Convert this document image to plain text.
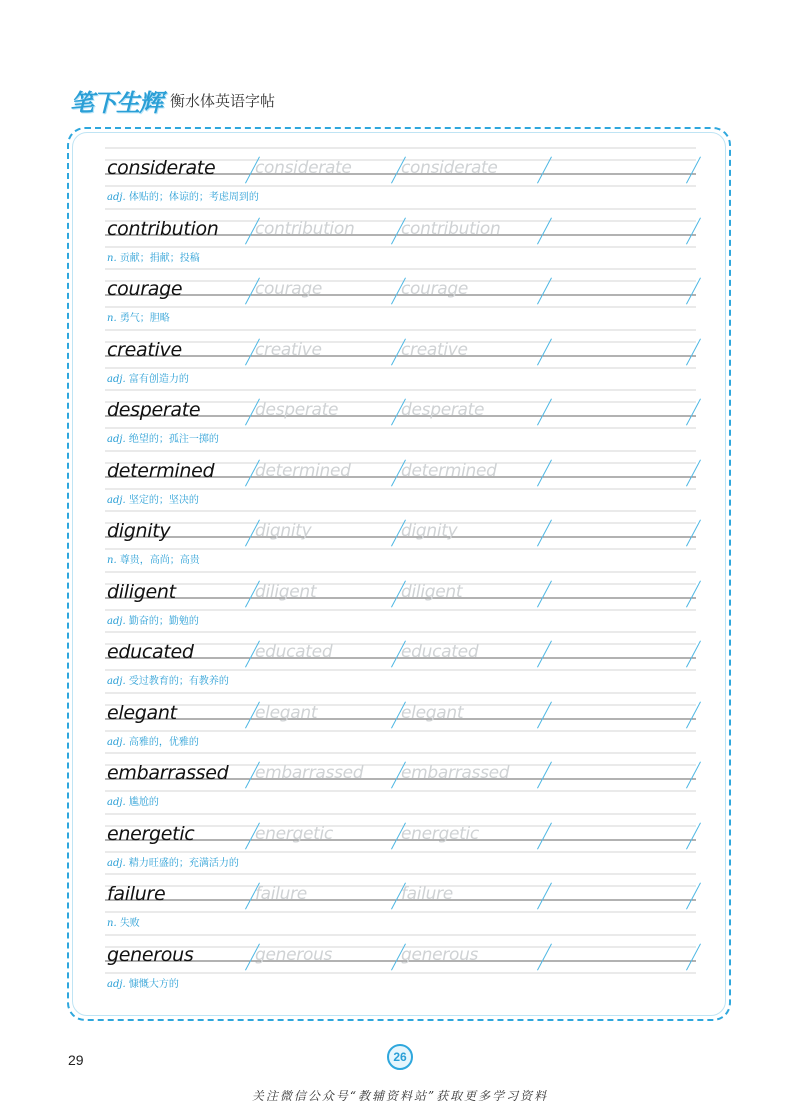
笔下生辉 衡水体英语字帖
considerate considerate	considerate
adj. 体贴的；体谅的；考虑周到的
contribution contribution	contribution
n. 贡献；捐献；投稿
courage	courage	courage
n. 勇气；胆略
creative	creative	creative
adj. 富有创造力的
desperate	desperate	desperate
adj. 绝望的；孤注一掷的
determined determined	determined
adj. 坚定的；坚决的
dignity	dignity	dignity
n. 尊贵，高尚；高贵
diligent	diligent	diligent
adj. 勤奋的；勤勉的
educated	educated	educated
adj. 受过教育的；有教养的
elegant	elegant	elegant
adj. 高雅的，优雅的
embarrassed embarrassed embarrassed
adj. 尴尬的
energetic	energetic	energetic
adj. 精力旺盛的；充满活力的
failure	failure	failure
n. 失败
generous	generous	generous
adj. 慷慨大方的
29	26
关注微信公众号“教辅资料站”获取更多学习资料
